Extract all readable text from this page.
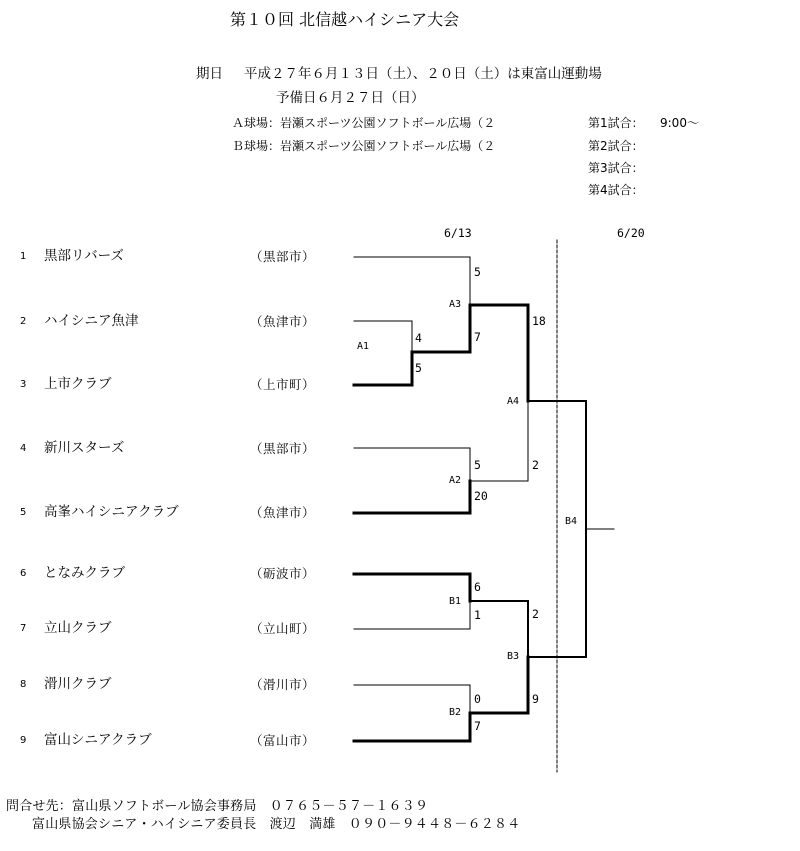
第１０回 北信越ハイシニア大会
期日 平成２７年６月１３日（土）、２０日（土）は東富山運動場
予備日６月２７日（日）
Ａ球場：岩瀬スポーツ公園ソフトボール広場（２
Ｂ球場：岩瀬スポーツ公園ソフトボール広場（２
第1試合： 9:00～
第2試合：
第3試合：
第4試合：
6/13	6/20
1 黒部リバーズ	（黒部市）
2 ハイシニア魚津	（魚津市）
3 上市クラブ	（上市町）
4 新川スターズ	（黒部市）
5 高峯ハイシニアクラブ	（魚津市）
6 となみクラブ	（砺波市）
7 立山クラブ	（立山町）
8 滑川クラブ	（滑川市）
9 富山シニアクラブ	（富山市）
A1
4
5
A3
5
7
A2
5
20
A4
18
2
B1
6
1
B2
0
7
B3
2
9
B4
問合せ先：富山県ソフトボール協会事務局　０７６５－５７－１６３９
富山県協会シニア・ハイシニア委員長　渡辺　満雄　０９０－９４４８－６２８４
